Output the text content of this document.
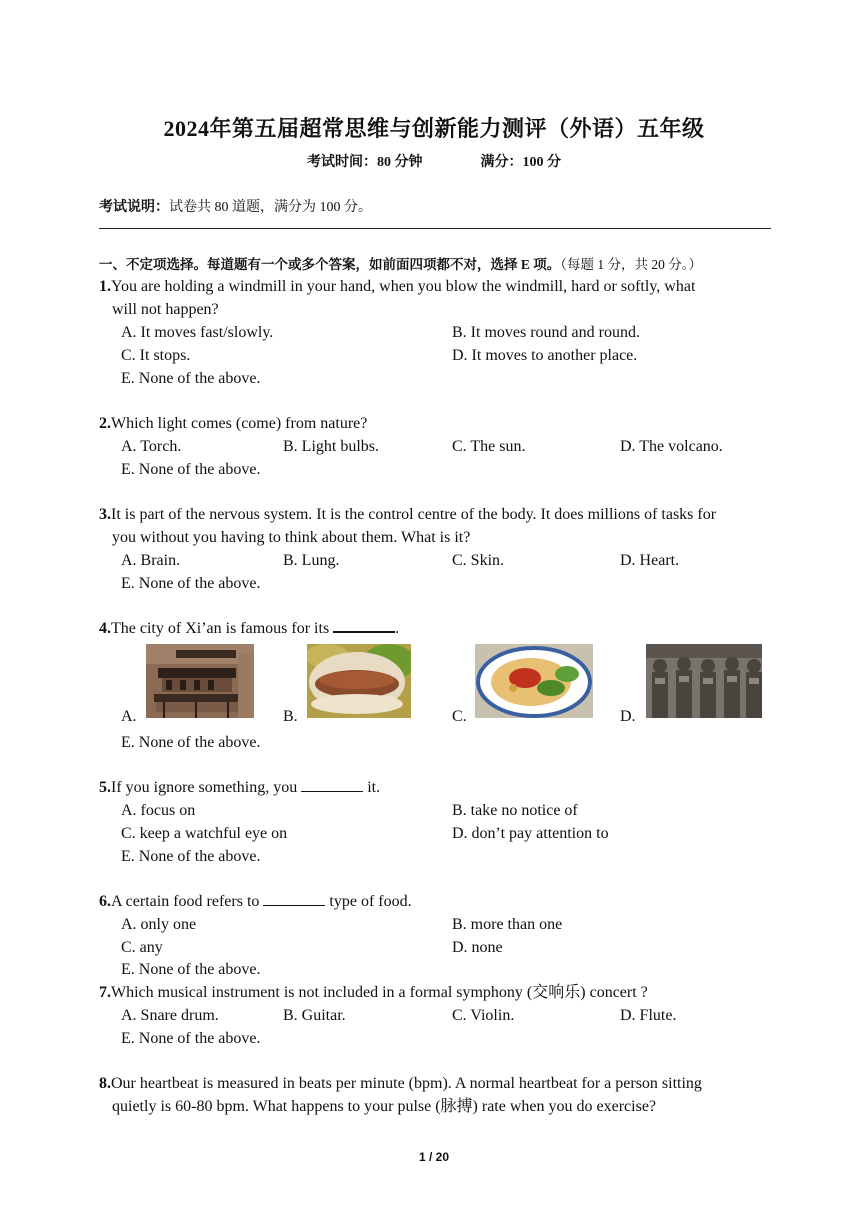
2024年第五届超常思维与创新能力测评（外语）五年级
考试时间：80 分钟	满分：100 分
考试说明：试卷共 80 道题，满分为 100 分。
一、不定项选择。每道题有一个或多个答案，如前面四项都不对，选择 E 项。（每题 1 分，共 20 分。）
1.You are holding a windmill in your hand, when you blow the windmill, hard or softly, what
will not happen?
A. It moves fast/slowly.	B. It moves round and round.
C. It stops.	D. It moves to another place.
E. None of the above.
2.Which light comes (come) from nature?
A. Torch.	B. Light bulbs.	C. The sun.	D. The volcano.
E. None of the above.
3.It is part of the nervous system. It is the control centre of the body. It does millions of tasks for
you without you having to think about them. What is it?
A. Brain.	B. Lung.	C. Skin.	D. Heart.
E. None of the above.
4.The city of Xi’an is famous for its	.
A.	B.	C.	D.
E. None of the above.
5.If you ignore something, you	it.
A. focus on	B. take no notice of
C. keep a watchful eye on	D. don’t pay attention to
E. None of the above.
6.A certain food refers to	type of food.
A. only one	B. more than one
C. any	D. none
E. None of the above.
7.Which musical instrument is not included in a formal symphony (交响乐) concert ?
A. Snare drum.	B. Guitar.	C. Violin.	D. Flute.
E. None of the above.
8.Our heartbeat is measured in beats per minute (bpm). A normal heartbeat for a person sitting
quietly is 60-80 bpm. What happens to your pulse (脉搏) rate when you do exercise?
1 / 20
